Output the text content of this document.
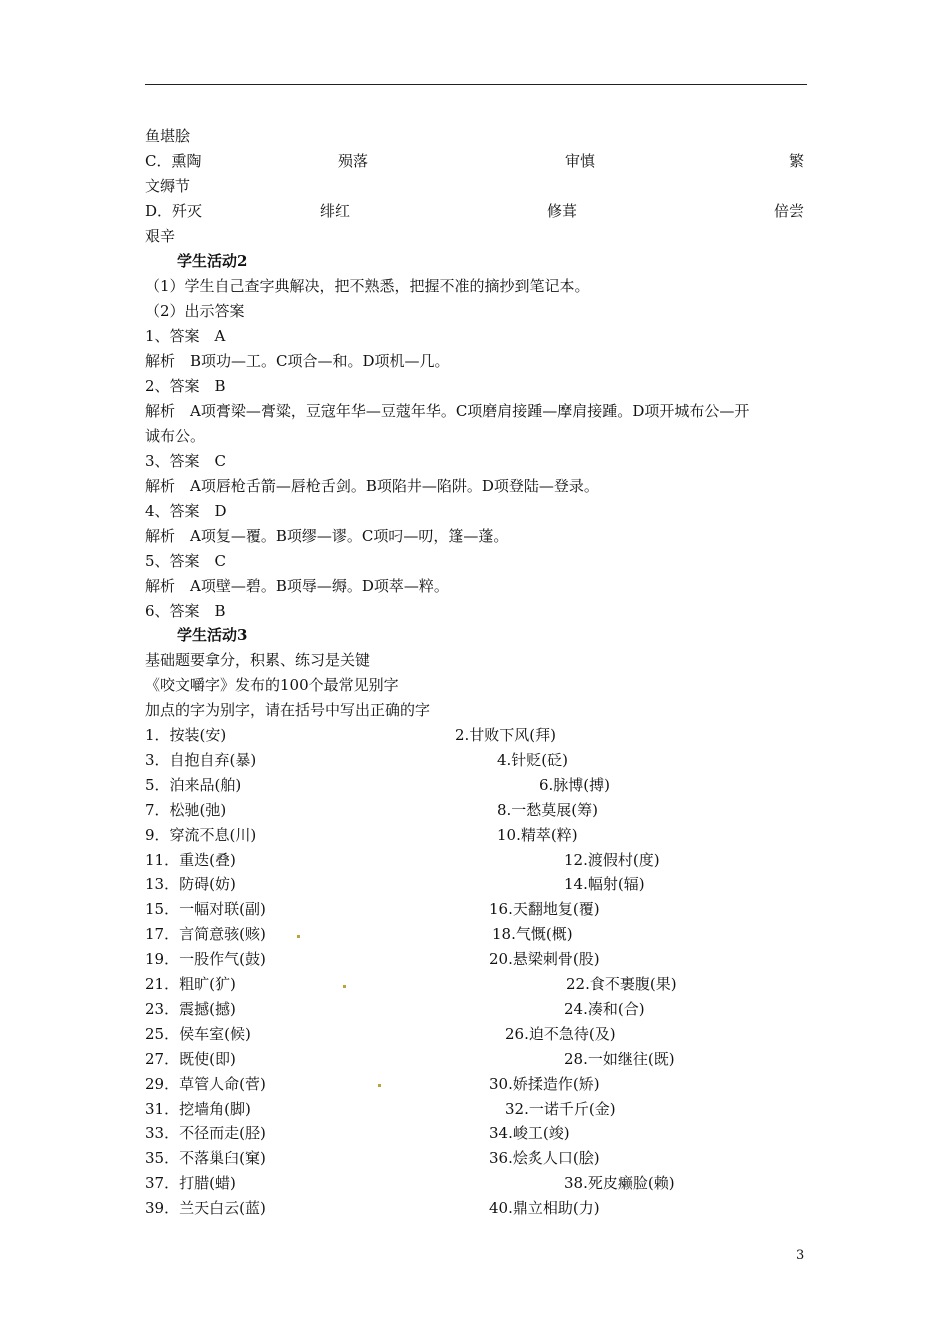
鱼堪脍
C．熏陶	殒落	审慎	繁
文缛节
D．歼灭	绯红	修葺	倍尝
艰辛
学生活动2
（1）学生自己查字典解决，把不熟悉，把握不准的摘抄到笔记本。
（2）出示答案
1、答案　A
解析　B项功—工。C项合—和。D项机—几。
2、答案　B
解析　A项膏梁—膏粱，豆寇年华—豆蔻年华。C项磨肩接踵—摩肩接踵。D项开城布公—开
诚布公。
3、答案　C
解析　A项唇枪舌箭—唇枪舌剑。B项陷井—陷阱。D项登陆—登录。
4、答案　D
解析　A项复—覆。B项缪—谬。C项叼—叨，篷—蓬。
5、答案　C
解析　A项壁—碧。B项辱—缛。D项萃—粹。
6、答案　B
学生活动3
基础题要拿分，积累、练习是关键
《咬文嚼字》发布的100个最常见别字
加点的字为别字，请在括号中写出正确的字
1．按装(安)	2.甘败下风(拜)
3．自抱自弃(暴)	4.针贬(砭)
5．泊来品(舶)	6.脉博(搏)
7．松驰(弛)	8.一愁莫展(筹)
9．穿流不息(川)	10.精萃(粹)
11．重迭(叠)	12.渡假村(度)
13．防碍(妨)	14.幅射(辐)
15．一幅对联(副)	16.天翻地复(覆)
17．言简意骇(赅)	18.气慨(概)
19．一股作气(鼓)	20.悬梁刺骨(股)
21．粗旷(犷)	22.食不裹腹(果)
23．震撼(撼)	24.凑和(合)
25．侯车室(候)	26.迫不急待(及)
27．既使(即)	28.一如继往(既)
29．草管人命(菅)	30.娇揉造作(矫)
31．挖墙角(脚)	32.一诺千斤(金)
33．不径而走(胫)	34.峻工(竣)
35．不落巢臼(窠)	36.烩炙人口(脍)
37．打腊(蜡)	38.死皮癞脸(赖)
39．兰天白云(蓝)	40.鼎立相助(力)
3
